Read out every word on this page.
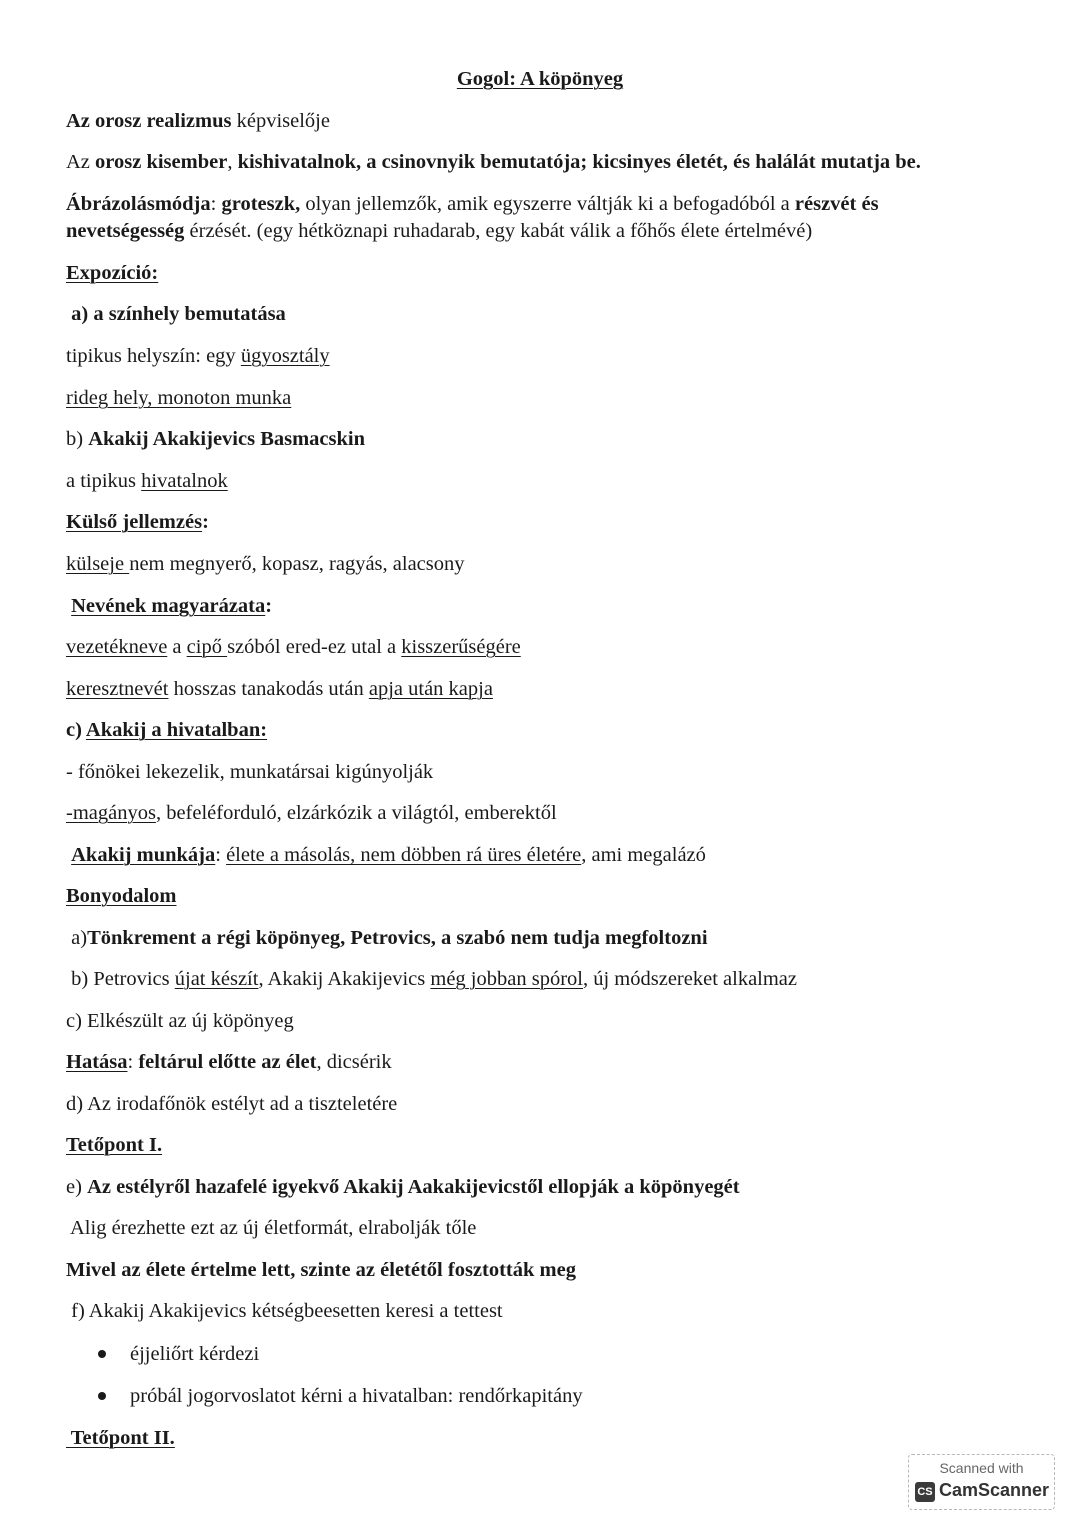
Gogol: A köpönyeg
Az orosz realizmus képviselője
Az orosz kisember, kishivatalnok, a csinovnyik bemutatója; kicsinyes életét, és halálát mutatja be.
Ábrázolásmódja: groteszk, olyan jellemzők, amik egyszerre váltják ki a befogadóból a részvét és
nevetségesség érzését. (egy hétköznapi ruhadarab, egy kabát válik a főhős élete értelmévé)
Expozíció:
a) a színhely bemutatása
tipikus helyszín: egy ügyosztály
rideg hely, monoton munka
b) Akakij Akakijevics Basmacskin
a tipikus hivatalnok
Külső jellemzés:
külseje nem megnyerő, kopasz, ragyás, alacsony
Nevének magyarázata:
vezetékneve a cipő szóból ered-ez utal a kisszerűségére
keresztnevét hosszas tanakodás után apja után kapja
c) Akakij a hivatalban:
- főnökei lekezelik, munkatársai kigúnyolják
-magányos, befeléforduló, elzárkózik a világtól, emberektől
Akakij munkája: élete a másolás, nem döbben rá üres életére, ami megalázó
Bonyodalom
a)Tönkrement a régi köpönyeg, Petrovics, a szabó nem tudja megfoltozni
b) Petrovics újat készít, Akakij Akakijevics még jobban spórol, új módszereket alkalmaz
c) Elkészült az új köpönyeg
Hatása: feltárul előtte az élet, dicsérik
d) Az irodafőnök estélyt ad a tiszteletére
Tetőpont I.
e) Az estélyről hazafelé igyekvő Akakij Aakakijevicstől ellopják a köpönyegét
Alig érezhette ezt az új életformát, elrabolják tőle
Mivel az élete értelme lett, szinte az életétől fosztották meg
f) Akakij Akakijevics kétségbeesetten keresi a tettest
éjjeliőrt kérdezi
próbál jogorvoslatot kérni a hivatalban: rendőrkapitány
Tetőpont II.
Scanned with
CS CamScanner
